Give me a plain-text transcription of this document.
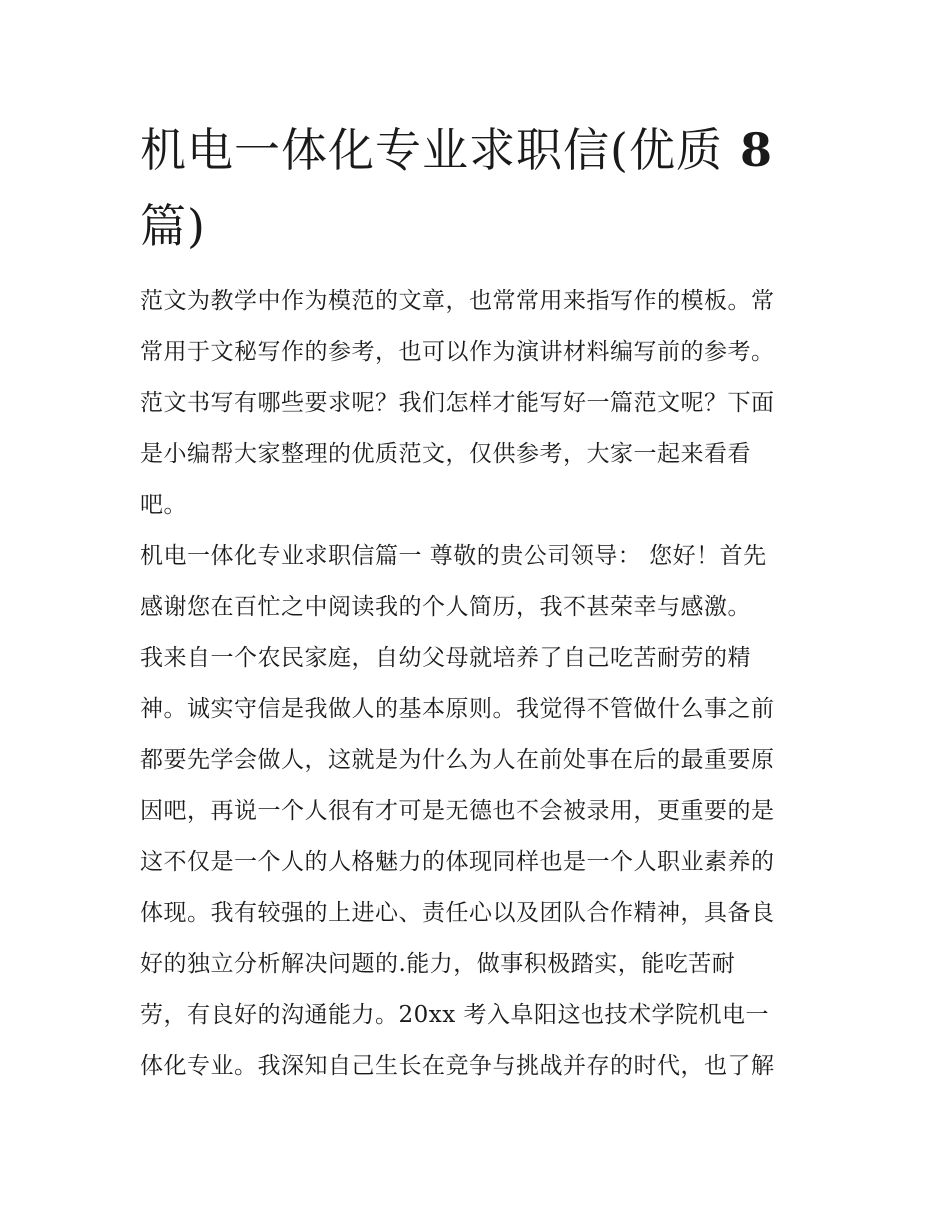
机电一体化专业求职信(优质 8
篇)
范文为教学中作为模范的文章，也常常用来指写作的模板。常
常用于文秘写作的参考，也可以作为演讲材料编写前的参考。
范文书写有哪些要求呢？我们怎样才能写好一篇范文呢？下面
是小编帮大家整理的优质范文，仅供参考，大家一起来看看
吧。
机电一体化专业求职信篇一 尊敬的贵公司领导： 您好！首先
感谢您在百忙之中阅读我的个人简历，我不甚荣幸与感激。
我来自一个农民家庭，自幼父母就培养了自己吃苦耐劳的精
神。诚实守信是我做人的基本原则。我觉得不管做什么事之前
都要先学会做人，这就是为什么为人在前处事在后的最重要原
因吧，再说一个人很有才可是无德也不会被录用，更重要的是
这不仅是一个人的人格魅力的体现同样也是一个人职业素养的
体现。我有较强的上进心、责任心以及团队合作精神，具备良
好的独立分析解决问题的.能力，做事积极踏实，能吃苦耐
劳，有良好的沟通能力。20xx 考入阜阳这也技术学院机电一
体化专业。我深知自己生长在竞争与挑战并存的时代，也了解
